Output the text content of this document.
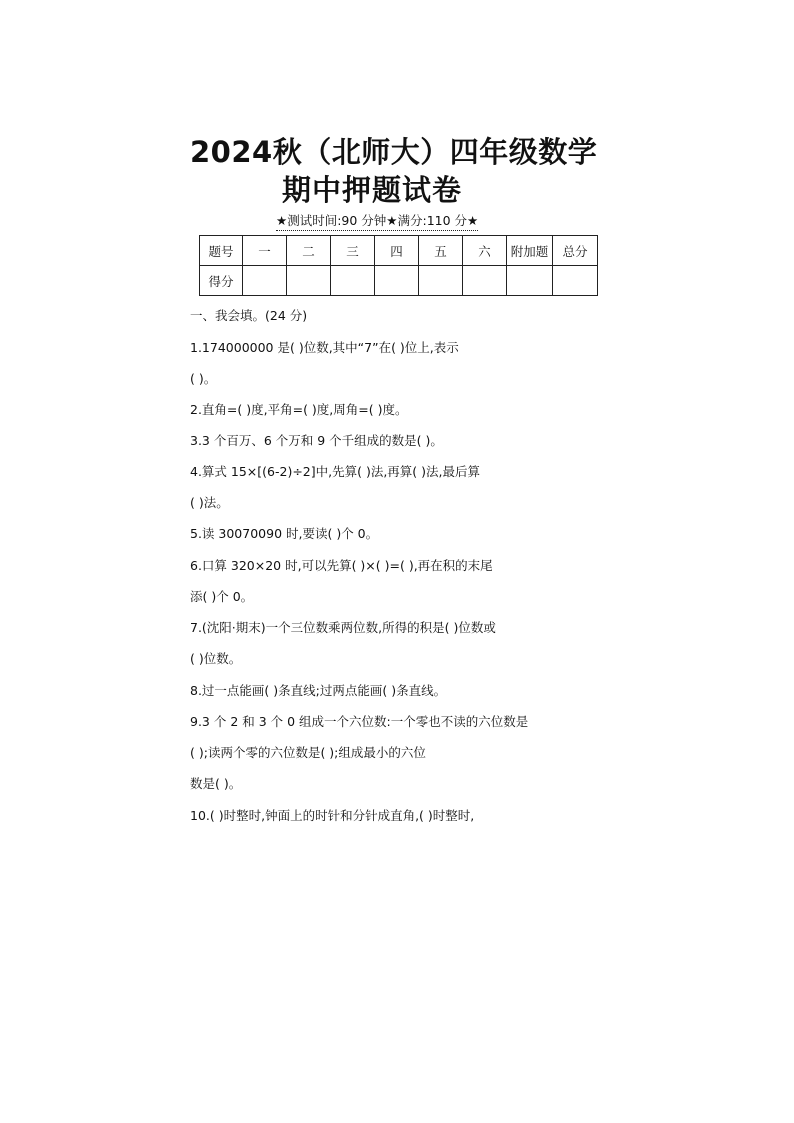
2024秋（北师大）四年级数学
期中押题试卷
★测试时间:90 分钟★满分:110 分★
题号	一	二	三	四	五	六	附加题	总分
得分								
一、我会填。(24 分)
1.174000000 是( )位数,其中“7”在( )位上,表示
( )。
2.直角=( )度,平角=( )度,周角=( )度。
3.3 个百万、6 个万和 9 个千组成的数是( )。
4.算式 15×[(6-2)÷2]中,先算( )法,再算( )法,最后算
( )法。
5.读 30070090 时,要读( )个 0。
6.口算 320×20 时,可以先算( )×( )=( ),再在积的末尾
添( )个 0。
7.(沈阳·期末)一个三位数乘两位数,所得的积是( )位数或
( )位数。
8.过一点能画( )条直线;过两点能画( )条直线。
9.3 个 2 和 3 个 0 组成一个六位数:一个零也不读的六位数是
( );读两个零的六位数是( );组成最小的六位
数是( )。
10.( )时整时,钟面上的时针和分针成直角,( )时整时,
